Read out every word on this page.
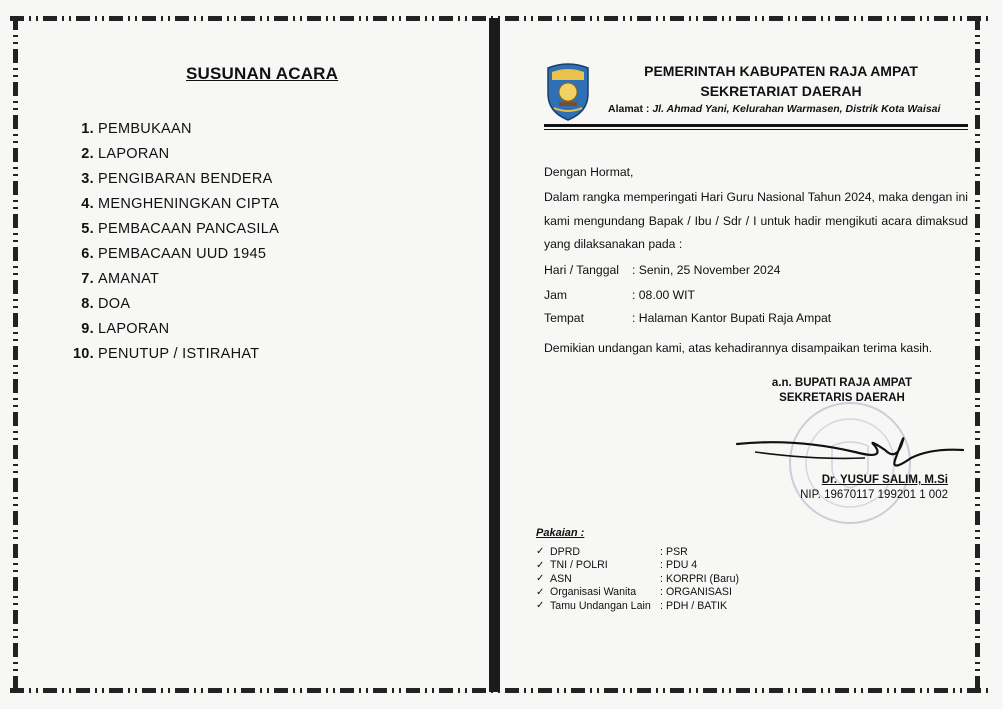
SUSUNAN ACARA
1. PEMBUKAAN
2. LAPORAN
3. PENGIBARAN BENDERA
4. MENGHENINGKAN CIPTA
5. PEMBACAAN PANCASILA
6. PEMBACAAN UUD 1945
7. AMANAT
8. DOA
9. LAPORAN
10. PENUTUP / ISTIRAHAT
PEMERINTAH KABUPATEN RAJA AMPAT
SEKRETARIAT DAERAH
Alamat : Jl. Ahmad Yani, Kelurahan Warmasen, Distrik Kota Waisai
Dengan Hormat,
Dalam rangka memperingati Hari Guru Nasional Tahun 2024, maka dengan ini kami mengundang Bapak / Ibu / Sdr / I untuk hadir mengikuti acara dimaksud yang dilaksanakan pada :
Hari / Tanggal : Senin, 25 November 2024
Jam	: 08.00 WIT
Tempat	: Halaman Kantor Bupati Raja Ampat
Demikian undangan kami, atas kehadirannya disampaikan terima kasih.
a.n. BUPATI RAJA AMPAT
SEKRETARIS DAERAH
Dr. YUSUF SALIM, M.Si
NIP. 19670117 199201 1 002
Pakaian :
✓ DPRD	: PSR
✓ TNI / POLRI	: PDU 4
✓ ASN	: KORPRI (Baru)
✓ Organisasi Wanita	: ORGANISASI
✓ Tamu Undangan Lain : PDH / BATIK
